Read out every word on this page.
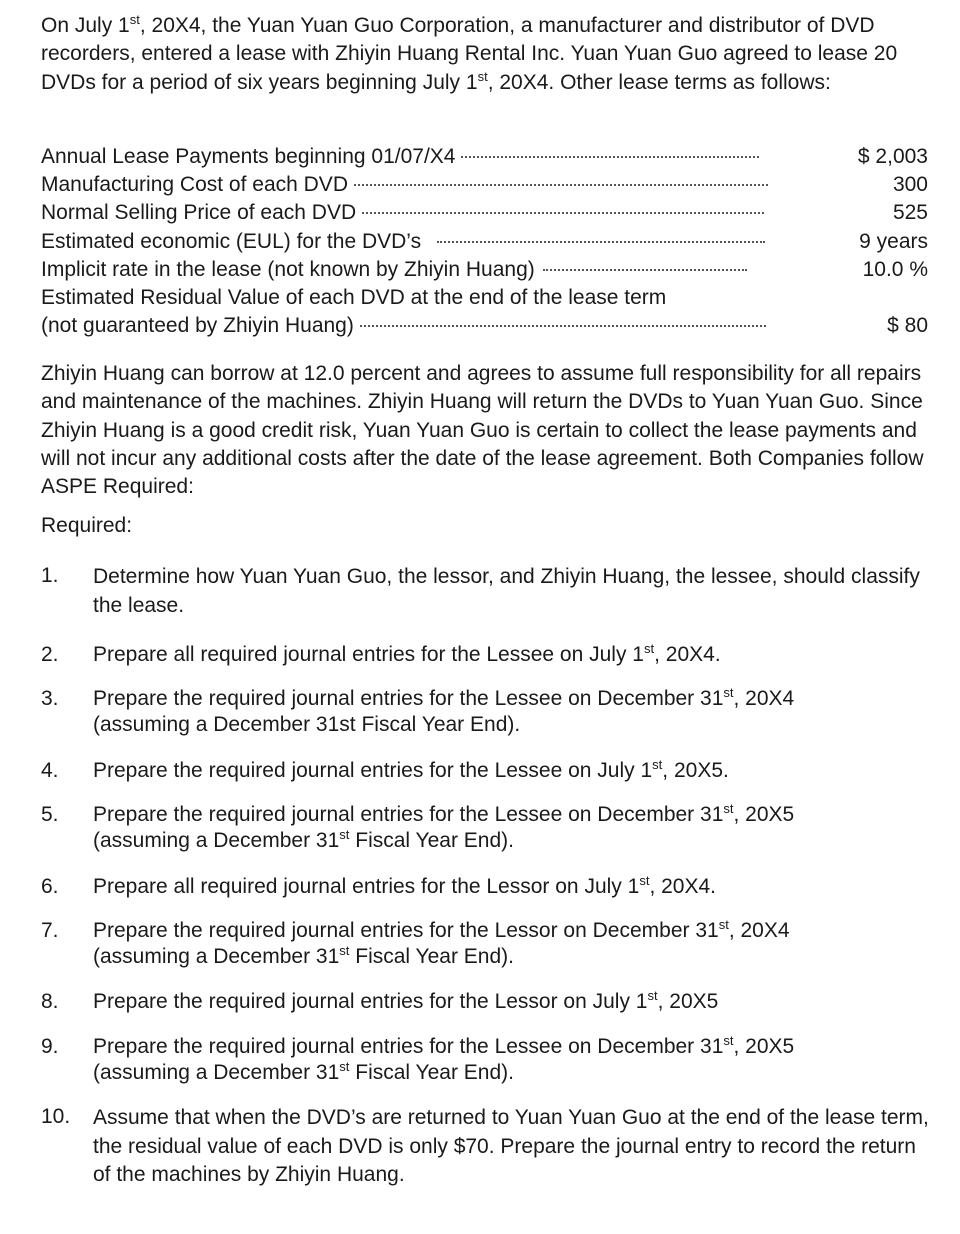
On July 1st, 20X4, the Yuan Yuan Guo Corporation, a manufacturer and distributor of DVD recorders, entered a lease with Zhiyin Huang Rental Inc. Yuan Yuan Guo agreed to lease 20 DVDs for a period of six years beginning July 1st, 20X4. Other lease terms as follows:
Annual Lease Payments beginning 01/07/X4	$ 2,003
Manufacturing Cost of each DVD	300
Normal Selling Price of each DVD	525
Estimated economic (EUL) for the DVD’s	9 years
Implicit rate in the lease (not known by Zhiyin Huang)	10.0 %
Estimated Residual Value of each DVD at the end of the lease term
(not guaranteed by Zhiyin Huang)	$ 80
Zhiyin Huang can borrow at 12.0 percent and agrees to assume full responsibility for all repairs and maintenance of the machines. Zhiyin Huang will return the DVDs to Yuan Yuan Guo. Since Zhiyin Huang is a good credit risk, Yuan Yuan Guo is certain to collect the lease payments and will not incur any additional costs after the date of the lease agreement. Both Companies follow ASPE Required:
Required:
1. Determine how Yuan Yuan Guo, the lessor, and Zhiyin Huang, the lessee, should classify the lease.
2. Prepare all required journal entries for the Lessee on July 1st, 20X4.
3. Prepare the required journal entries for the Lessee on December 31st, 20X4
(assuming a December 31st Fiscal Year End).
4. Prepare the required journal entries for the Lessee on July 1st, 20X5.
5. Prepare the required journal entries for the Lessee on December 31st, 20X5
(assuming a December 31st Fiscal Year End).
6. Prepare all required journal entries for the Lessor on July 1st, 20X4.
7. Prepare the required journal entries for the Lessor on December 31st, 20X4
(assuming a December 31st Fiscal Year End).
8. Prepare the required journal entries for the Lessor on July 1st, 20X5
9. Prepare the required journal entries for the Lessee on December 31st, 20X5
(assuming a December 31st Fiscal Year End).
10. Assume that when the DVD’s are returned to Yuan Yuan Guo at the end of the lease term, the residual value of each DVD is only $70. Prepare the journal entry to record the return of the machines by Zhiyin Huang.
